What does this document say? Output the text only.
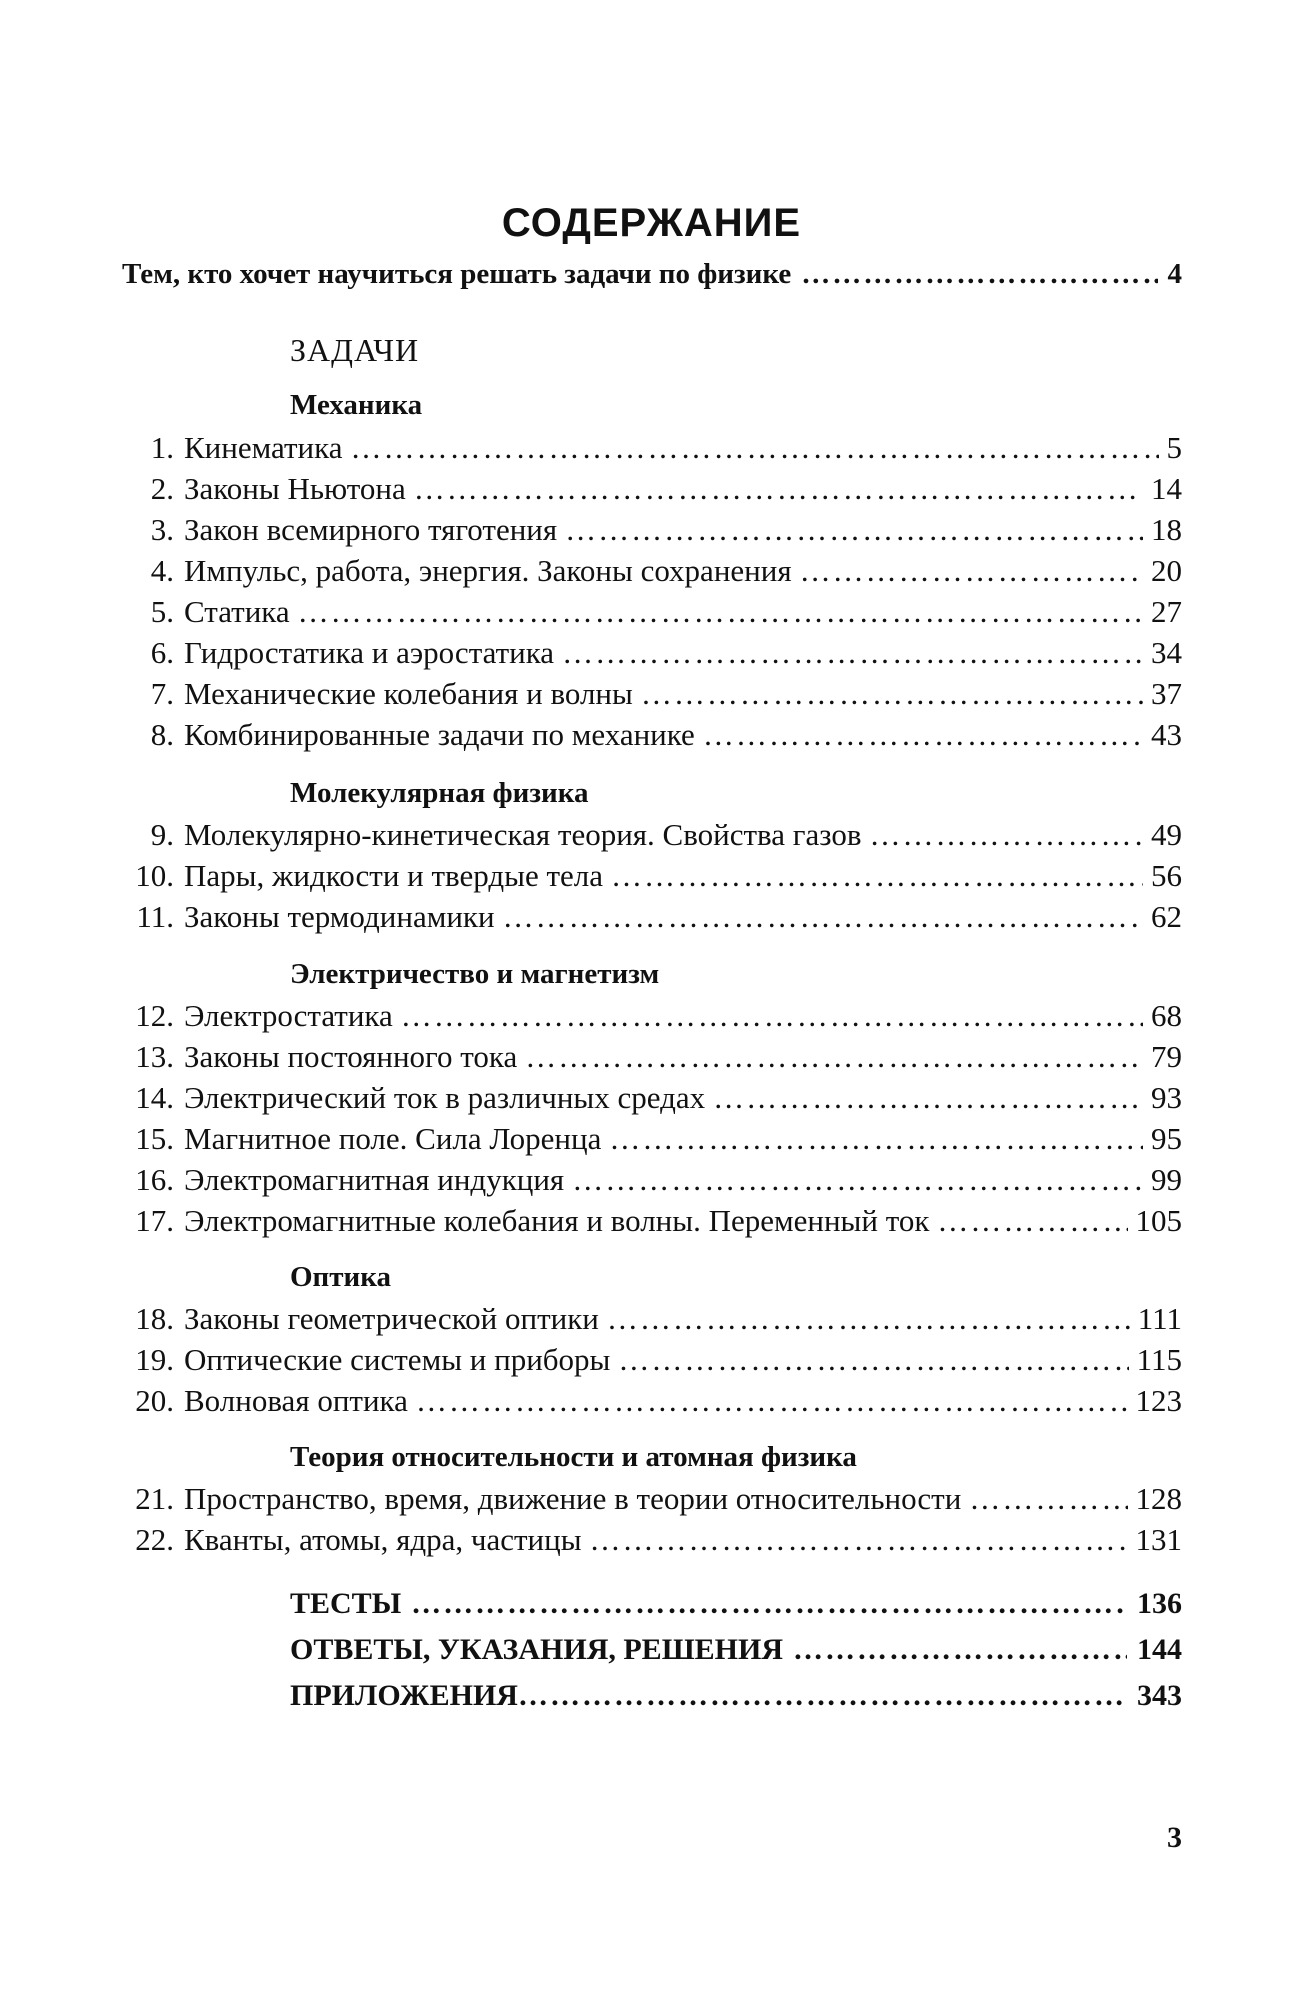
СОДЕРЖАНИЕ
Тем, кто хочет научиться решать задачи по физике ……………………………………………………………………………………………………………………………………………………………………………………	4
ЗАДАЧИ
Механика
1. Кинематика ……………………………………………………………………………………………………………………………………………………………………………………	5
2. Законы Ньютона ……………………………………………………………………………………………………………………………………………………………………………………	14
3. Закон всемирного тяготения ……………………………………………………………………………………………………………………………………………………………………………………	18
4. Импульс, работа, энергия. Законы сохранения ……………………………………………………………………………………………………………………………………………………………………………………	20
5. Статика ……………………………………………………………………………………………………………………………………………………………………………………	27
6. Гидростатика и аэростатика ……………………………………………………………………………………………………………………………………………………………………………………	34
7. Механические колебания и волны ……………………………………………………………………………………………………………………………………………………………………………………	37
8. Комбинированные задачи по механике ……………………………………………………………………………………………………………………………………………………………………………………	43
Молекулярная физика
9. Молекулярно-кинетическая теория. Свойства газов ……………………………………………………………………………………………………………………………………………………………………………………	49
10. Пары, жидкости и твердые тела ……………………………………………………………………………………………………………………………………………………………………………………	56
11. Законы термодинамики ……………………………………………………………………………………………………………………………………………………………………………………	62
Электричество и магнетизм
12. Электростатика ……………………………………………………………………………………………………………………………………………………………………………………	68
13. Законы постоянного тока ……………………………………………………………………………………………………………………………………………………………………………………	79
14. Электрический ток в различных средах ……………………………………………………………………………………………………………………………………………………………………………………	93
15. Магнитное поле. Сила Лоренца ……………………………………………………………………………………………………………………………………………………………………………………	95
16. Электромагнитная индукция ……………………………………………………………………………………………………………………………………………………………………………………	99
17. Электромагнитные колебания и волны. Переменный ток ……………………………………………………………………………………………………………………………………………………………………………………	105
Оптика
18. Законы геометрической оптики ……………………………………………………………………………………………………………………………………………………………………………………	111
19. Оптические системы и приборы ……………………………………………………………………………………………………………………………………………………………………………………	115
20. Волновая оптика ……………………………………………………………………………………………………………………………………………………………………………………	123
Теория относительности и атомная физика
21. Пространство, время, движение в теории относительности ……………………………………………………………………………………………………………………………………………………………………………………	128
22. Кванты, атомы, ядра, частицы ……………………………………………………………………………………………………………………………………………………………………………………	131
ТЕСТЫ ……………………………………………………………………………………………………………………………………………………………………………………	136
ОТВЕТЫ, УКАЗАНИЯ, РЕШЕНИЯ ……………………………………………………………………………………………………………………………………………………………………………………	144
ПРИЛОЖЕНИЯ ……………………………………………………………………………………………………………………………………………………………………………………	343
3
